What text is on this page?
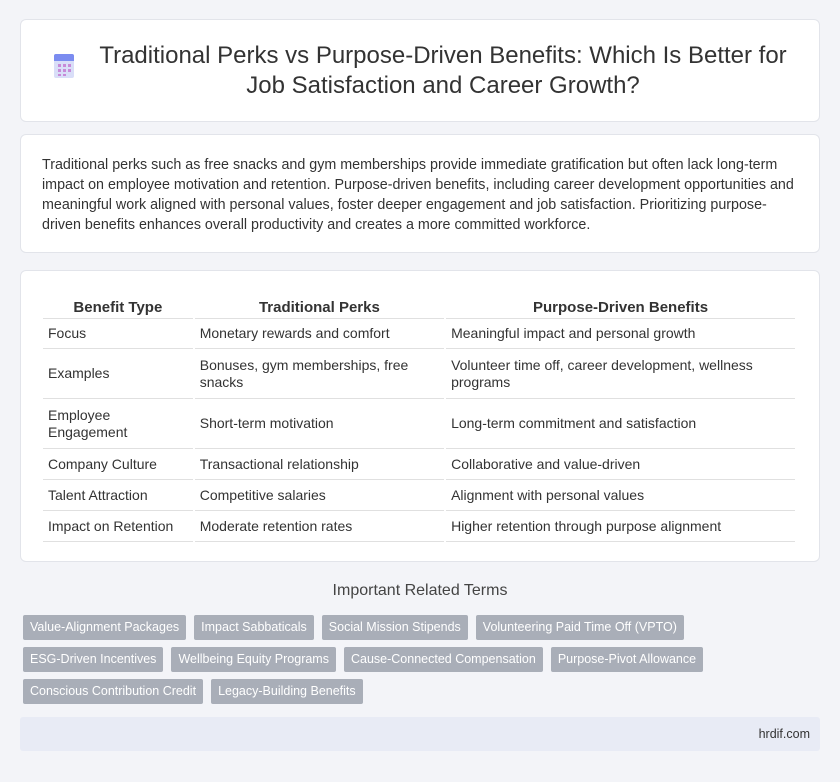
Traditional Perks vs Purpose-Driven Benefits: Which Is Better for Job Satisfaction and Career Growth?

Traditional perks such as free snacks and gym memberships provide immediate gratification but often lack long-term impact on employee motivation and retention. Purpose-driven benefits, including career development opportunities and meaningful work aligned with personal values, foster deeper engagement and job satisfaction. Prioritizing purpose-driven benefits enhances overall productivity and creates a more committed workforce.

Benefit Type	Traditional Perks	Purpose-Driven Benefits
Focus	Monetary rewards and comfort	Meaningful impact and personal growth
Examples	Bonuses, gym memberships, free snacks	Volunteer time off, career development, wellness programs
Employee Engagement	Short-term motivation	Long-term commitment and satisfaction
Company Culture	Transactional relationship	Collaborative and value-driven
Talent Attraction	Competitive salaries	Alignment with personal values
Impact on Retention	Moderate retention rates	Higher retention through purpose alignment
Important Related Terms
Value-Alignment Packages	Impact Sabbaticals	Social Mission Stipends	Volunteering Paid Time Off (VPTO)
ESG-Driven Incentives	Wellbeing Equity Programs	Cause-Connected Compensation	Purpose-Pivot Allowance
Conscious Contribution Credit	Legacy-Building Benefits
hrdif.com
